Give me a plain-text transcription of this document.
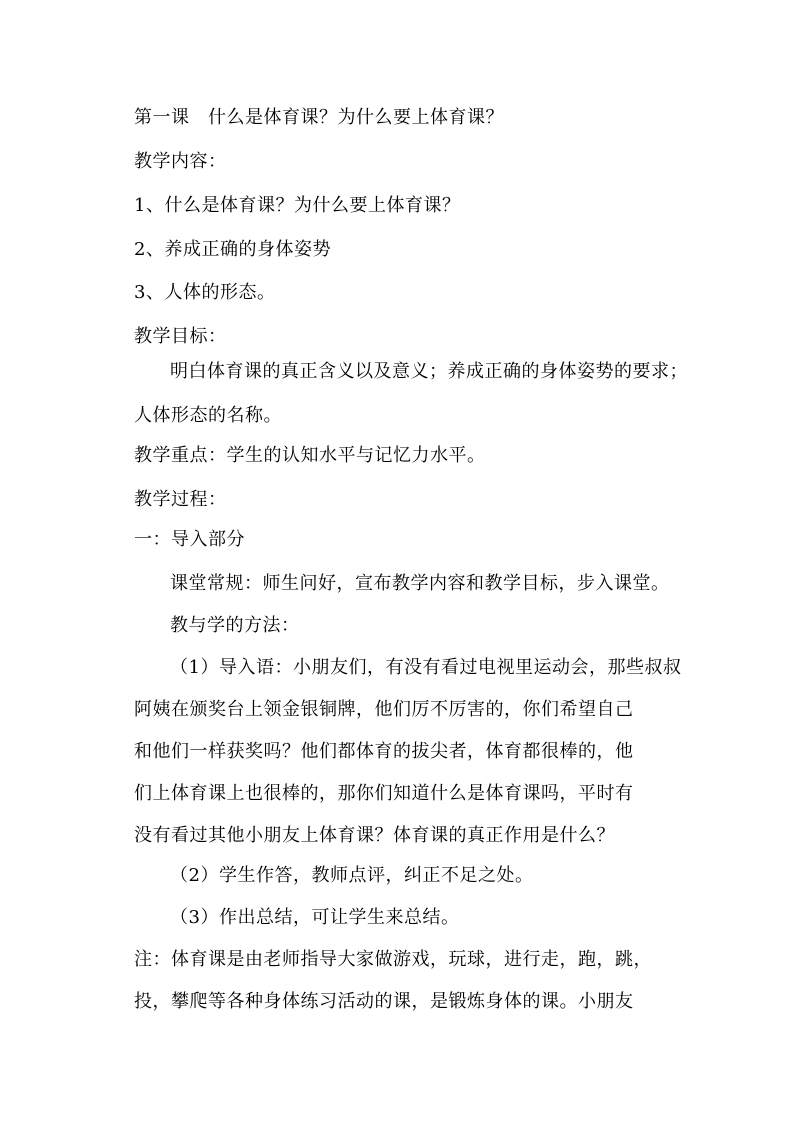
第一课　什么是体育课？为什么要上体育课？
教学内容：
1、什么是体育课？为什么要上体育课？
2、养成正确的身体姿势
3、人体的形态。
教学目标：
明白体育课的真正含义以及意义；养成正确的身体姿势的要求；
人体形态的名称。
教学重点：学生的认知水平与记忆力水平。
教学过程：
一：导入部分
课堂常规：师生问好，宣布教学内容和教学目标，步入课堂。
教与学的方法：
（1）导入语：小朋友们，有没有看过电视里运动会，那些叔叔
阿姨在颁奖台上领金银铜牌，他们厉不厉害的，你们希望自己
和他们一样获奖吗？他们都体育的拔尖者，体育都很棒的，他
们上体育课上也很棒的，那你们知道什么是体育课吗，平时有
没有看过其他小朋友上体育课？体育课的真正作用是什么？
（2）学生作答，教师点评，纠正不足之处。
（3）作出总结，可让学生来总结。
注：体育课是由老师指导大家做游戏，玩球，进行走，跑，跳，
投，攀爬等各种身体练习活动的课，是锻炼身体的课。小朋友
